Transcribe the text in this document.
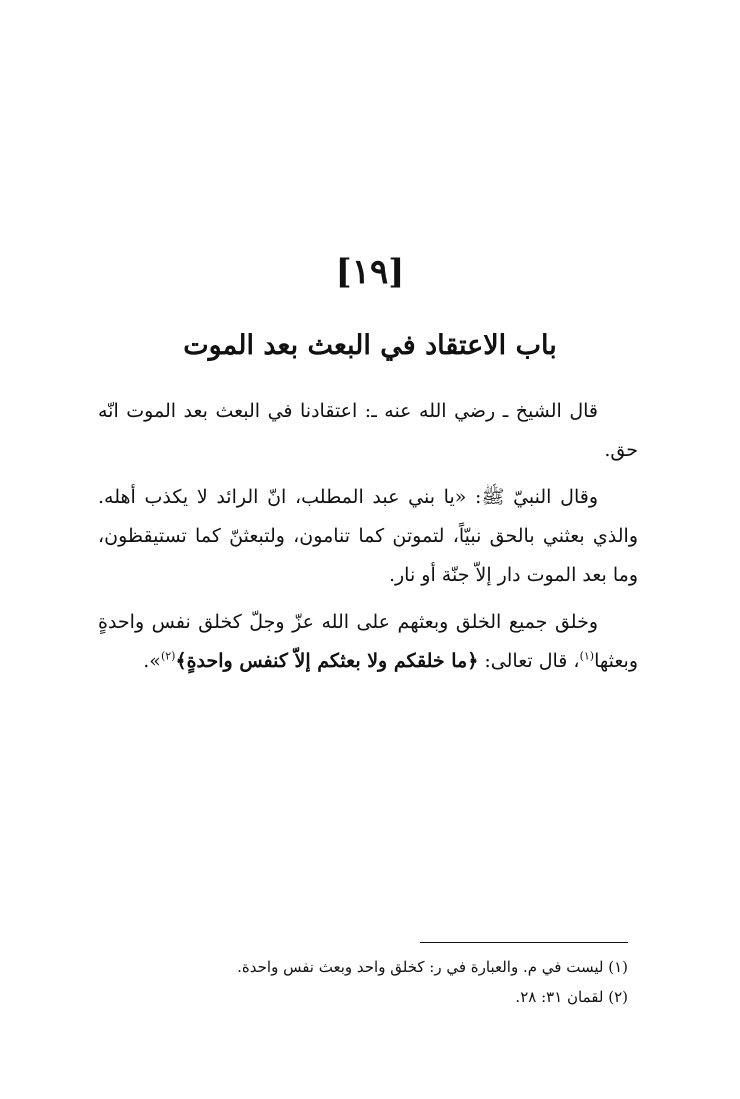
[١٩]
باب الاعتقاد في البعث بعد الموت

قال الشيخ ـ رضي الله عنه ـ: اعتقادنا في البعث بعد الموت انّه حق.

وقال النبيّ ﷺ: «يا بني عبد المطلب، انّ الرائد لا يكذب أهله. والذي بعثني بالحق نبيّاً، لتموتن كما تنامون، ولتبعثنّ كما تستيقظون، وما بعد الموت دار إلاّ جنّة أو نار.

وخلق جميع الخلق وبعثهم على الله عزّ وجلّ كخلق نفس واحدةٍ وبعثها$^{(١)}$، قال تعالى: ﴿ما خلقكم ولا بعثكم إلاّ كنفس واحدةٍ﴾$^{(٢)}$».

(١) ليست في م. والعبارة في ر: كخلق واحد وبعث نفس واحدة.

(٢) لقمان ٣١: ٢٨.
